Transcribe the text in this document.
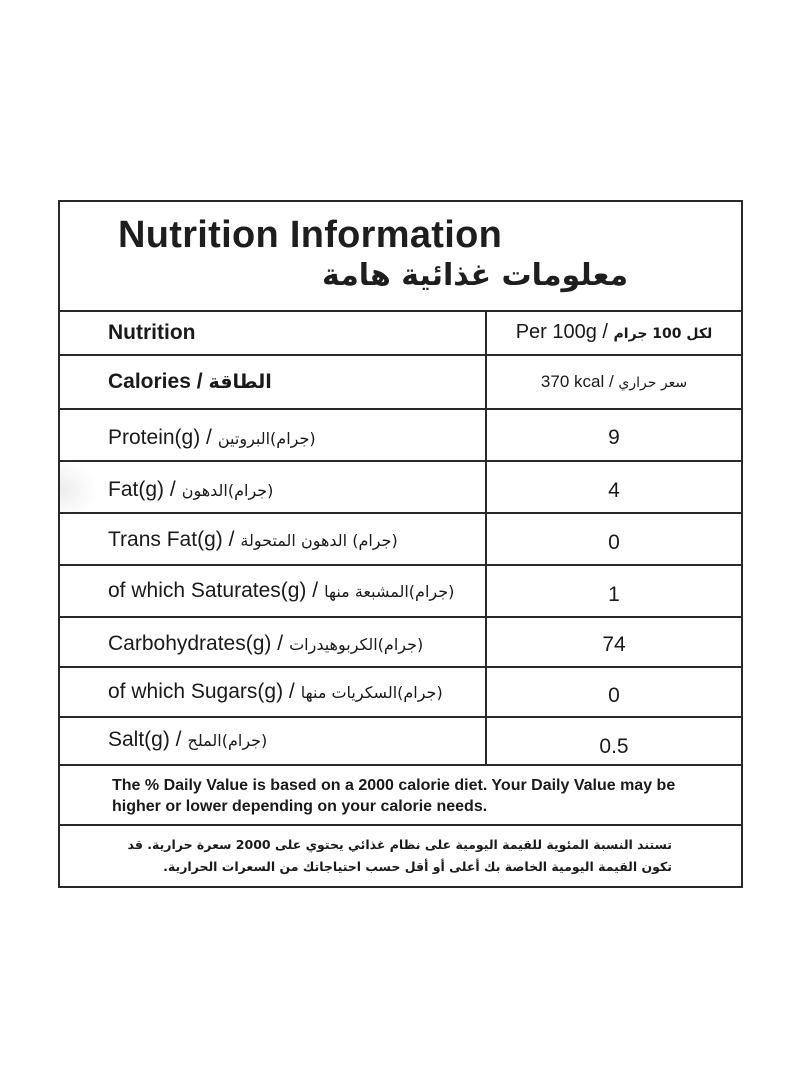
Nutrition Information
معلومات غذائية هامة
Nutrition	Per 100g / لكل 100 جرام
Calories / الطاقة	370 kcal / سعر حراري
Protein(g) / (جرام)البروتين	9
Fat(g) / (جرام)الدهون	4
Trans Fat(g) / (جرام) الدهون المتحولة	0
of which Saturates(g) / (جرام)المشبعة منها	1
Carbohydrates(g) / (جرام)الكربوهيدرات	74
of which Sugars(g) / (جرام)السكريات منها	0
Salt(g) / (جرام)الملح	0.5
The % Daily Value is based on a 2000 calorie diet. Your Daily Value may be higher or lower depending on your calorie needs.
تستند النسبة المئوية للقيمة اليومية على نظام غذائي يحتوي على 2000 سعرة حرارية. قد تكون القيمة اليومية الخاصة بك أعلى أو أقل حسب احتياجاتك من السعرات الحرارية.
